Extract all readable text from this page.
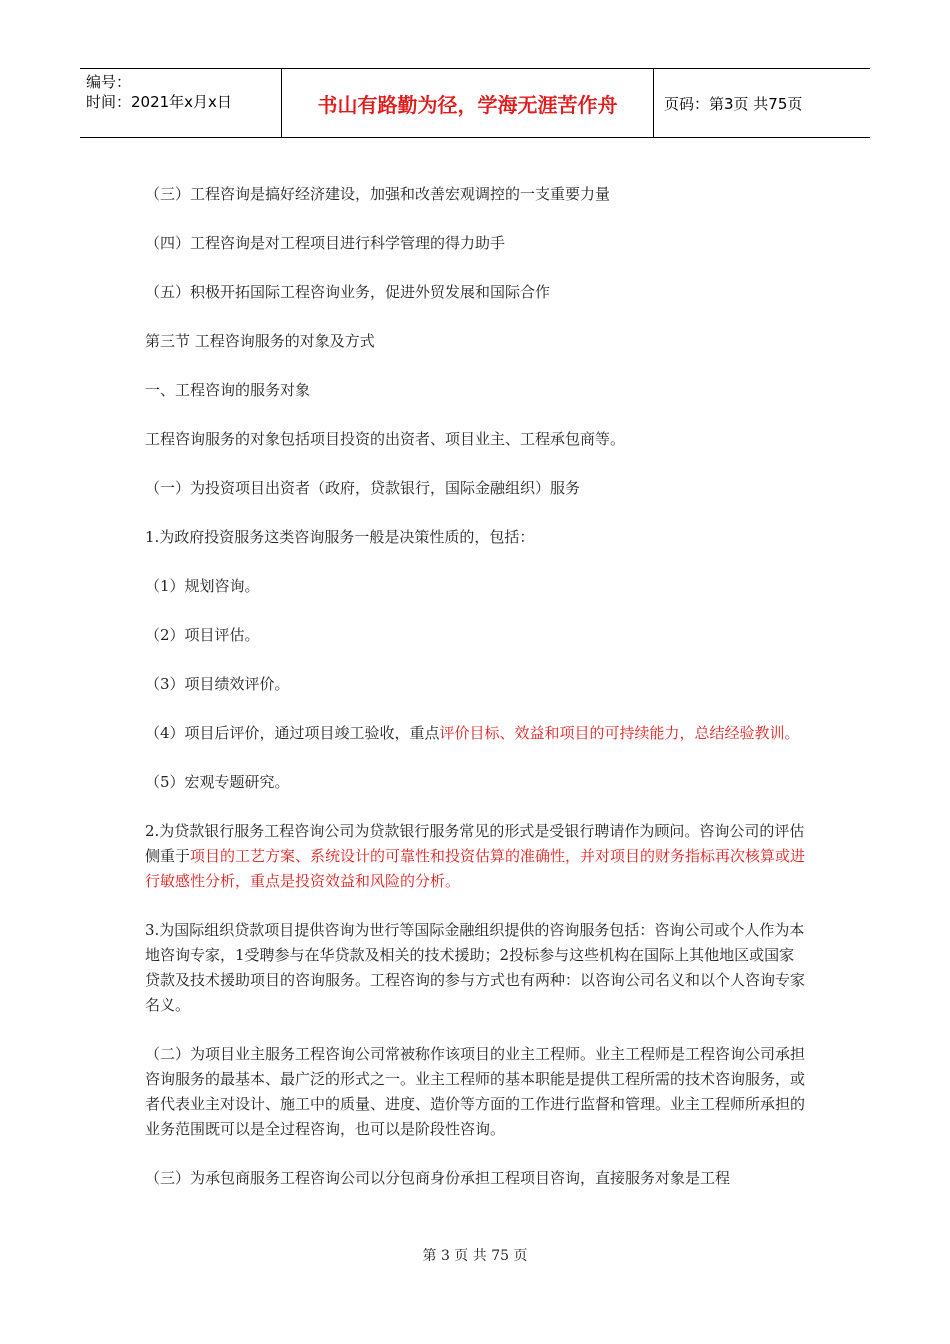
编号：
时间：2021年x月x日	书山有路勤为径，学海无涯苦作舟	页码：第3页 共75页

（三）工程咨询是搞好经济建设，加强和改善宏观调控的一支重要力量

（四）工程咨询是对工程项目进行科学管理的得力助手

（五）积极开拓国际工程咨询业务，促进外贸发展和国际合作

第三节 工程咨询服务的对象及方式

一、工程咨询的服务对象

工程咨询服务的对象包括项目投资的出资者、项目业主、工程承包商等。

（一）为投资项目出资者（政府，贷款银行，国际金融组织）服务

1.为政府投资服务这类咨询服务一般是决策性质的，包括：

（1）规划咨询。

（2）项目评估。

（3）项目绩效评价。

（4）项目后评价，通过项目竣工验收，重点评价目标、效益和项目的可持续能力，总结经验教训。

（5）宏观专题研究。

2.为贷款银行服务工程咨询公司为贷款银行服务常见的形式是受银行聘请作为顾问。咨询公司的评估侧重于项目的工艺方案、系统设计的可靠性和投资估算的准确性，并对项目的财务指标再次核算或进行敏感性分析，重点是投资效益和风险的分析。

3.为国际组织贷款项目提供咨询为世行等国际金融组织提供的咨询服务包括：咨询公司或个人作为本地咨询专家，1受聘参与在华贷款及相关的技术援助；2投标参与这些机构在国际上其他地区或国家贷款及技术援助项目的咨询服务。工程咨询的参与方式也有两种：以咨询公司名义和以个人咨询专家名义。

（二）为项目业主服务工程咨询公司常被称作该项目的业主工程师。业主工程师是工程咨询公司承担咨询服务的最基本、最广泛的形式之一。业主工程师的基本职能是提供工程所需的技术咨询服务，或者代表业主对设计、施工中的质量、进度、造价等方面的工作进行监督和管理。业主工程师所承担的业务范围既可以是全过程咨询，也可以是阶段性咨询。

（三）为承包商服务工程咨询公司以分包商身份承担工程项目咨询，直接服务对象是工程

第 3 页 共 75 页
